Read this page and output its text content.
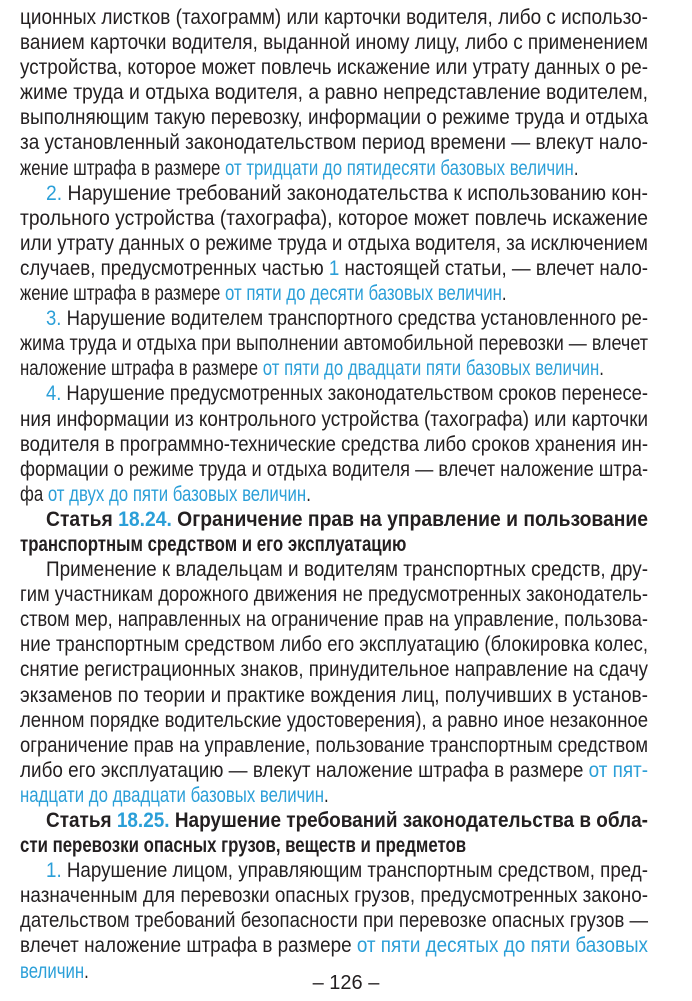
ционных листков (тахограмм) или карточки водителя, либо с использо-
ванием карточки водителя, выданной иному лицу, либо с применением
устройства, которое может повлечь искажение или утрату данных о ре-
жиме труда и отдыха водителя, а равно непредставление водителем,
выполняющим такую перевозку, информации о режиме труда и отдыха
за установленный законодательством период времени — влекут нало-
жение штрафа в размере от тридцати до пятидесяти базовых величин.
2. Нарушение требований законодательства к использованию кон-
трольного устройства (тахографа), которое может повлечь искажение
или утрату данных о режиме труда и отдыха водителя, за исключением
случаев, предусмотренных частью 1 настоящей статьи, — влечет нало-
жение штрафа в размере от пяти до десяти базовых величин.
3. Нарушение водителем транспортного средства установленного ре-
жима труда и отдыха при выполнении автомобильной перевозки — влечет
наложение штрафа в размере от пяти до двадцати пяти базовых величин.
4. Нарушение предусмотренных законодательством сроков перенесе-
ния информации из контрольного устройства (тахографа) или карточки
водителя в программно-технические средства либо сроков хранения ин-
формации о режиме труда и отдыха водителя — влечет наложение штра-
фа от двух до пяти базовых величин.
Статья 18.24. Ограничение прав на управление и пользование
транспортным средством и его эксплуатацию
Применение к владельцам и водителям транспортных средств, дру-
гим участникам дорожного движения не предусмотренных законодатель-
ством мер, направленных на ограничение прав на управление, пользова-
ние транспортным средством либо его эксплуатацию (блокировка колес,
снятие регистрационных знаков, принудительное направление на сдачу
экзаменов по теории и практике вождения лиц, получивших в установ-
ленном порядке водительские удостоверения), а равно иное незаконное
ограничение прав на управление, пользование транспортным средством
либо его эксплуатацию — влекут наложение штрафа в размере от пят-
надцати до двадцати базовых величин.
Статья 18.25. Нарушение требований законодательства в обла-
сти перевозки опасных грузов, веществ и предметов
1. Нарушение лицом, управляющим транспортным средством, пред-
назначенным для перевозки опасных грузов, предусмотренных законо-
дательством требований безопасности при перевозке опасных грузов —
влечет наложение штрафа в размере от пяти десятых до пяти базовых
величин.
– 126 –
